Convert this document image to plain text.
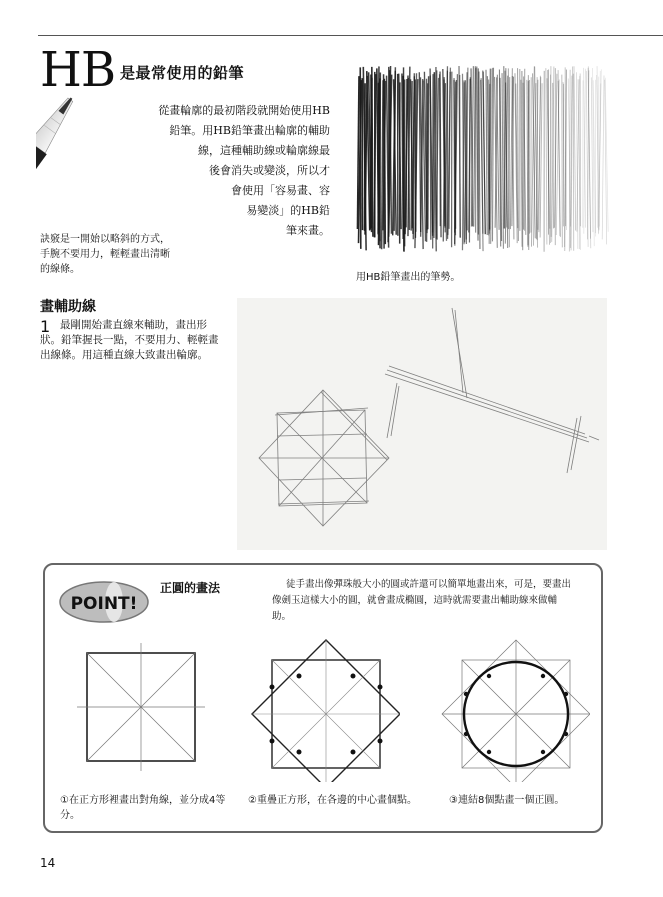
HB 是最常使用的鉛筆
從畫輪廓的最初階段就開始使用HB
鉛筆。用HB鉛筆畫出輪廓的輔助
線，這種輔助線或輪廓線最
後會消失或變淡，所以才
會使用「容易畫、容
易變淡」的HB鉛
筆來畫。
訣竅是一開始以略斜的方式，手腕不要用力，輕輕畫出清晰的線條。
用HB鉛筆畫出的筆勢。
畫輔助線
1 最剛開始畫直線來輔助，畫出形狀。鉛筆握長一點，不要用力、輕輕畫出線條。用這種直線大致畫出輪廓。
POINT!
正圓的畫法	徒手畫出像彈珠般大小的圓或許還可以簡單地畫出來，可是，要畫出像劍玉這樣大小的圓，就會畫成橢圓，這時就需要畫出輔助線來做輔助。
①在正方形裡畫出對角線，並分成4等分。
②重疊正方形，在各邊的中心畫個點。	③連結8個點畫一個正圓。
14
